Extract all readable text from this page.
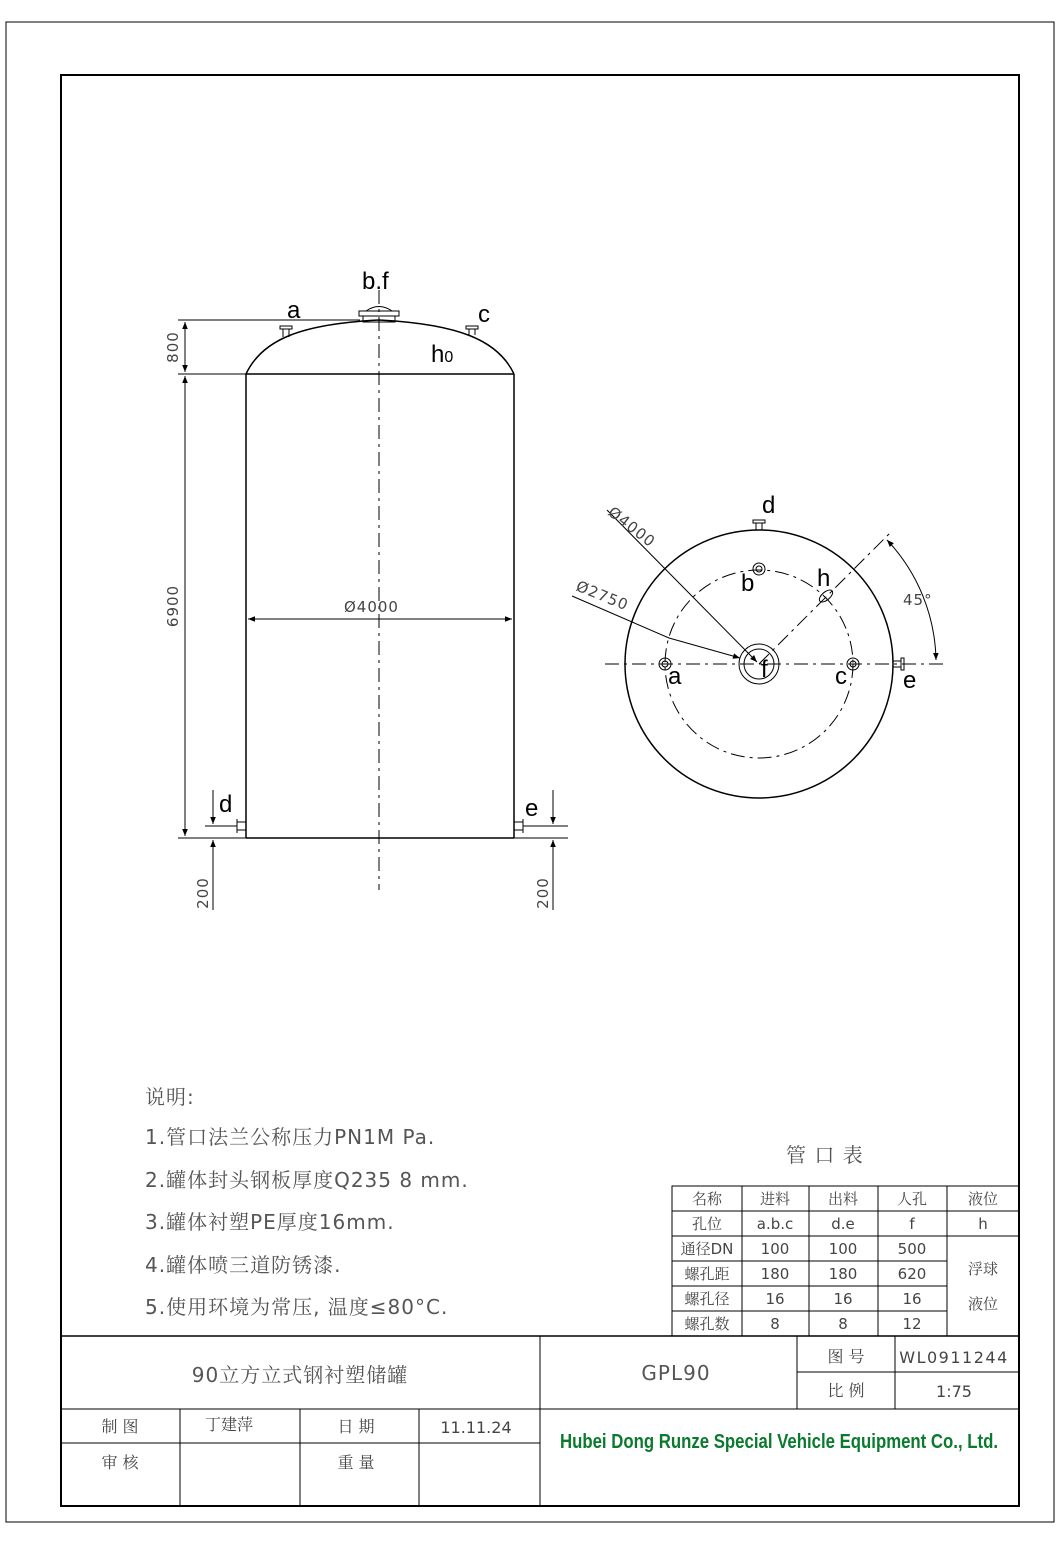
800
6900	Ø4000
200	200
b.f
a	c
h0
d	e
Ø4000
Ø2750	45°
d
b	h
a	f	c e
说明:
1.管口法兰公称压力PN1M Pa.
2.罐体封头钢板厚度Q235 8 mm.
3.罐体衬塑PE厚度16mm.
4.罐体喷三道防锈漆.
5.使用环境为常压, 温度≤80°C.
管 口 表
名称	进料	出料	人孔	液位
孔位 a.b.c	d.e	f	h
通径DN 100	100	500
螺孔距 180	180	620
螺孔径 16	16	16
螺孔数	8	8	12
浮球
液位
90立方立式钢衬塑储罐	GPL90
图 号 WL0911244
比 例	1:75
制 图	丁建萍	日 期	11.11.24
审 核	重 量
Hubei Dong Runze Special Vehicle Equipment Co., Ltd.
